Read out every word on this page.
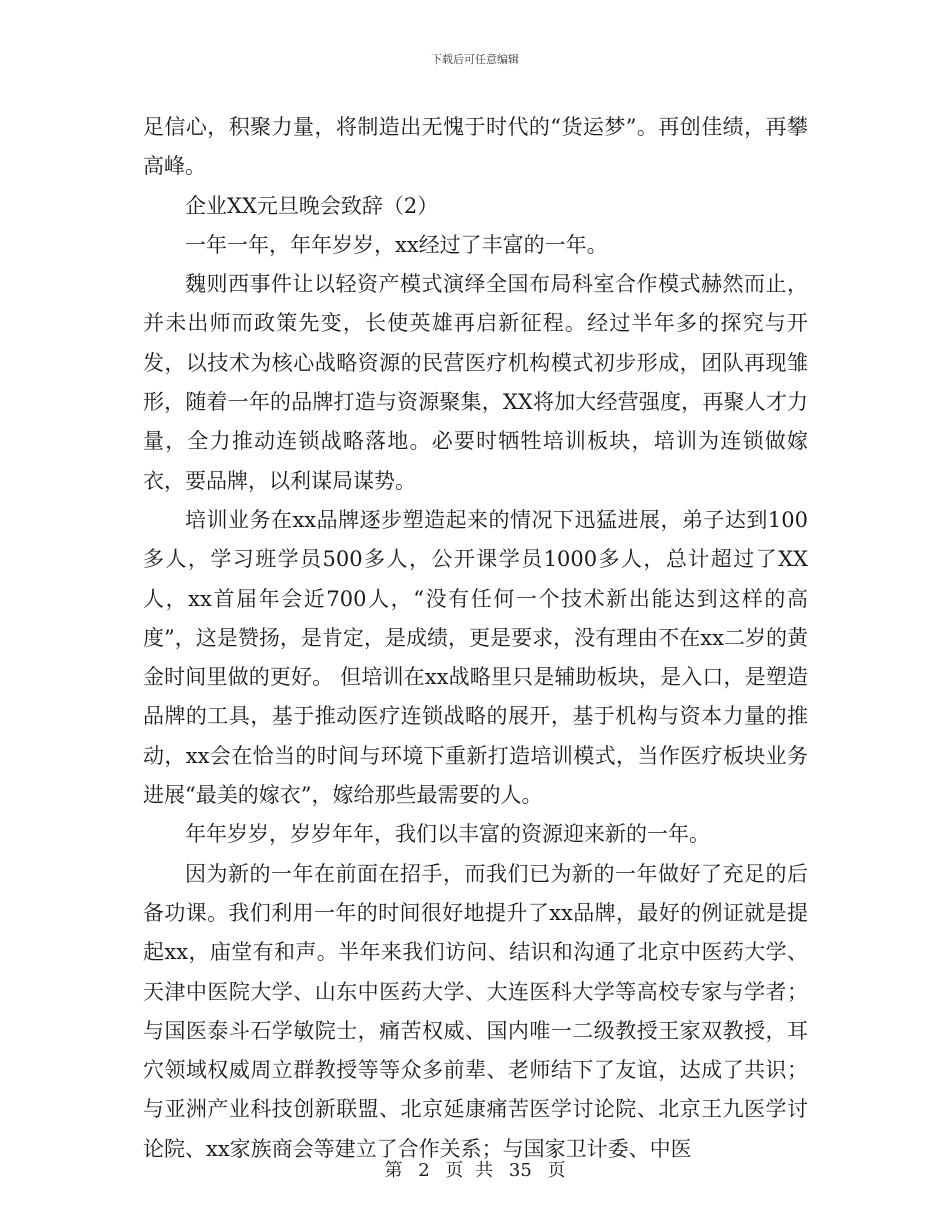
下载后可任意编辑

足信心，积聚力量，将制造出无愧于时代的“货运梦”。再创佳绩，再攀高峰。

企业XX元旦晚会致辞（2）

一年一年，年年岁岁，xx经过了丰富的一年。

魏则西事件让以轻资产模式演绎全国布局科室合作模式赫然而止，并未出师而政策先变，长使英雄再启新征程。经过半年多的探究与开发，以技术为核心战略资源的民营医疗机构模式初步形成，团队再现雏形，随着一年的品牌打造与资源聚集，XX将加大经营强度，再聚人才力量，全力推动连锁战略落地。必要时牺牲培训板块，培训为连锁做嫁衣，要品牌，以利谋局谋势。

培训业务在xx品牌逐步塑造起来的情况下迅猛进展，弟子达到100多人，学习班学员500多人，公开课学员1000多人，总计超过了XX人，xx首届年会近700人，“没有任何一个技术新出能达到这样的高度”，这是赞扬，是肯定，是成绩，更是要求，没有理由不在xx二岁的黄金时间里做的更好。 但培训在xx战略里只是辅助板块，是入口，是塑造品牌的工具，基于推动医疗连锁战略的展开，基于机构与资本力量的推动，xx会在恰当的时间与环境下重新打造培训模式，当作医疗板块业务进展“最美的嫁衣”，嫁给那些最需要的人。

年年岁岁，岁岁年年，我们以丰富的资源迎来新的一年。

因为新的一年在前面在招手，而我们已为新的一年做好了充足的后备功课。我们利用一年的时间很好地提升了xx品牌，最好的例证就是提起xx，庙堂有和声。半年来我们访问、结识和沟通了北京中医药大学、天津中医院大学、山东中医药大学、大连医科大学等高校专家与学者；与国医泰斗石学敏院士，痛苦权威、国内唯一二级教授王家双教授，耳穴领域权威周立群教授等等众多前辈、老师结下了友谊，达成了共识；与亚洲产业科技创新联盟、北京延康痛苦医学讨论院、北京王九医学讨论院、xx家族商会等建立了合作关系；与国家卫计委、中医

第 2 页 共 35 页
